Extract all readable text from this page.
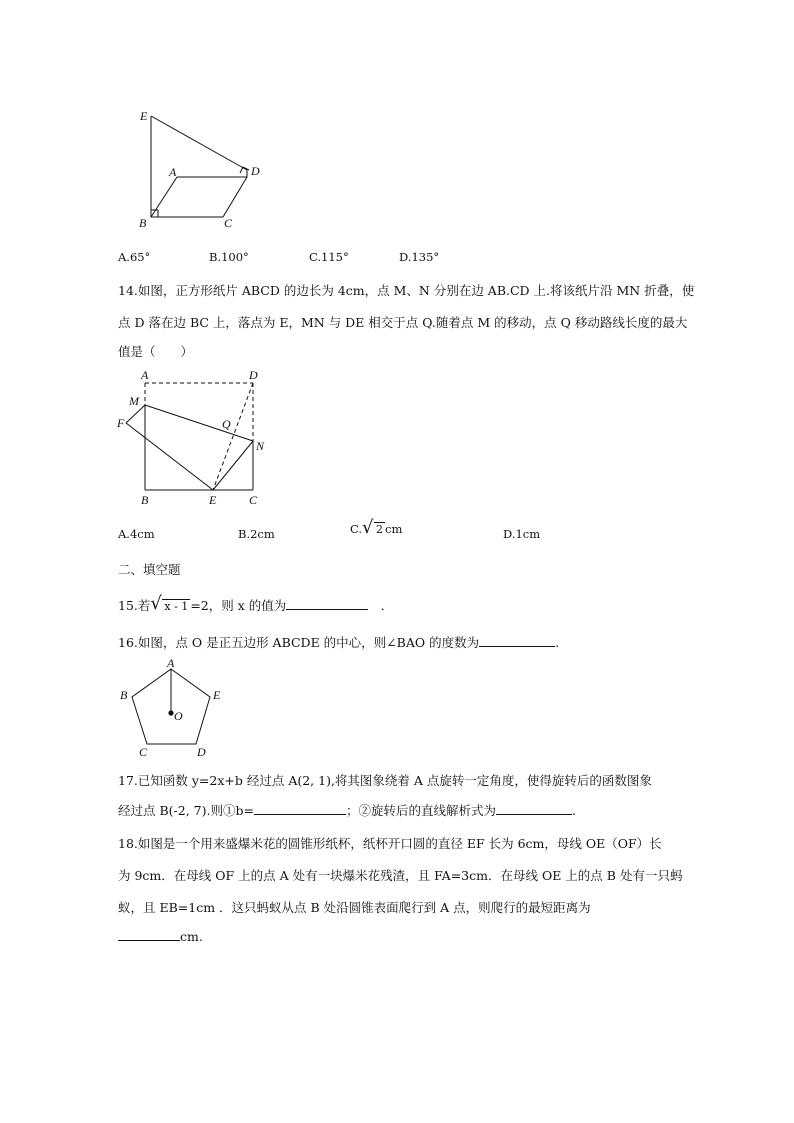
E
A	D
B	C
A.65°	B.100°	C.115°	D.135°
14.如图，正方形纸片 ABCD 的边长为 4cm，点 M、N 分别在边 AB.CD 上.将该纸片沿 MN 折叠，使
点 D 落在边 BC 上，落点为 E，MN 与 DE 相交于点 Q.随着点 M 的移动，点 Q 移动路线长度的最大
值是（　　）
A	D
M
F	Q
N
B	E	C
A.4cm	B.2cm	C. √ 2 cm	D.1cm
二、填空题
15.若 √ x - 1 =2，则 x 的值为　	．
16.如图，点 O 是正五边形 ABCDE 的中心，则∠BAO 的度数为	.
A
B	E
O
C	D
17.已知函数 y=2x+b 经过点 A(2, 1),将其图象绕着 A 点旋转一定角度，使得旋转后的函数图象
经过点 B(-2, 7).则①b=	；②旋转后的直线解析式为	.
18.如图是一个用来盛爆米花的圆锥形纸杯，纸杯开口圆的直径 EF 长为 6cm，母线 OE（OF）长
为 9cm．在母线 OF 上的点 A 处有一块爆米花残渣，且 FA=3cm．在母线 OE 上的点 B 处有一只蚂
蚁，且 EB=1cm ．这只蚂蚁从点 B 处沿圆锥表面爬行到 A 点，则爬行的最短距离为
cm.
